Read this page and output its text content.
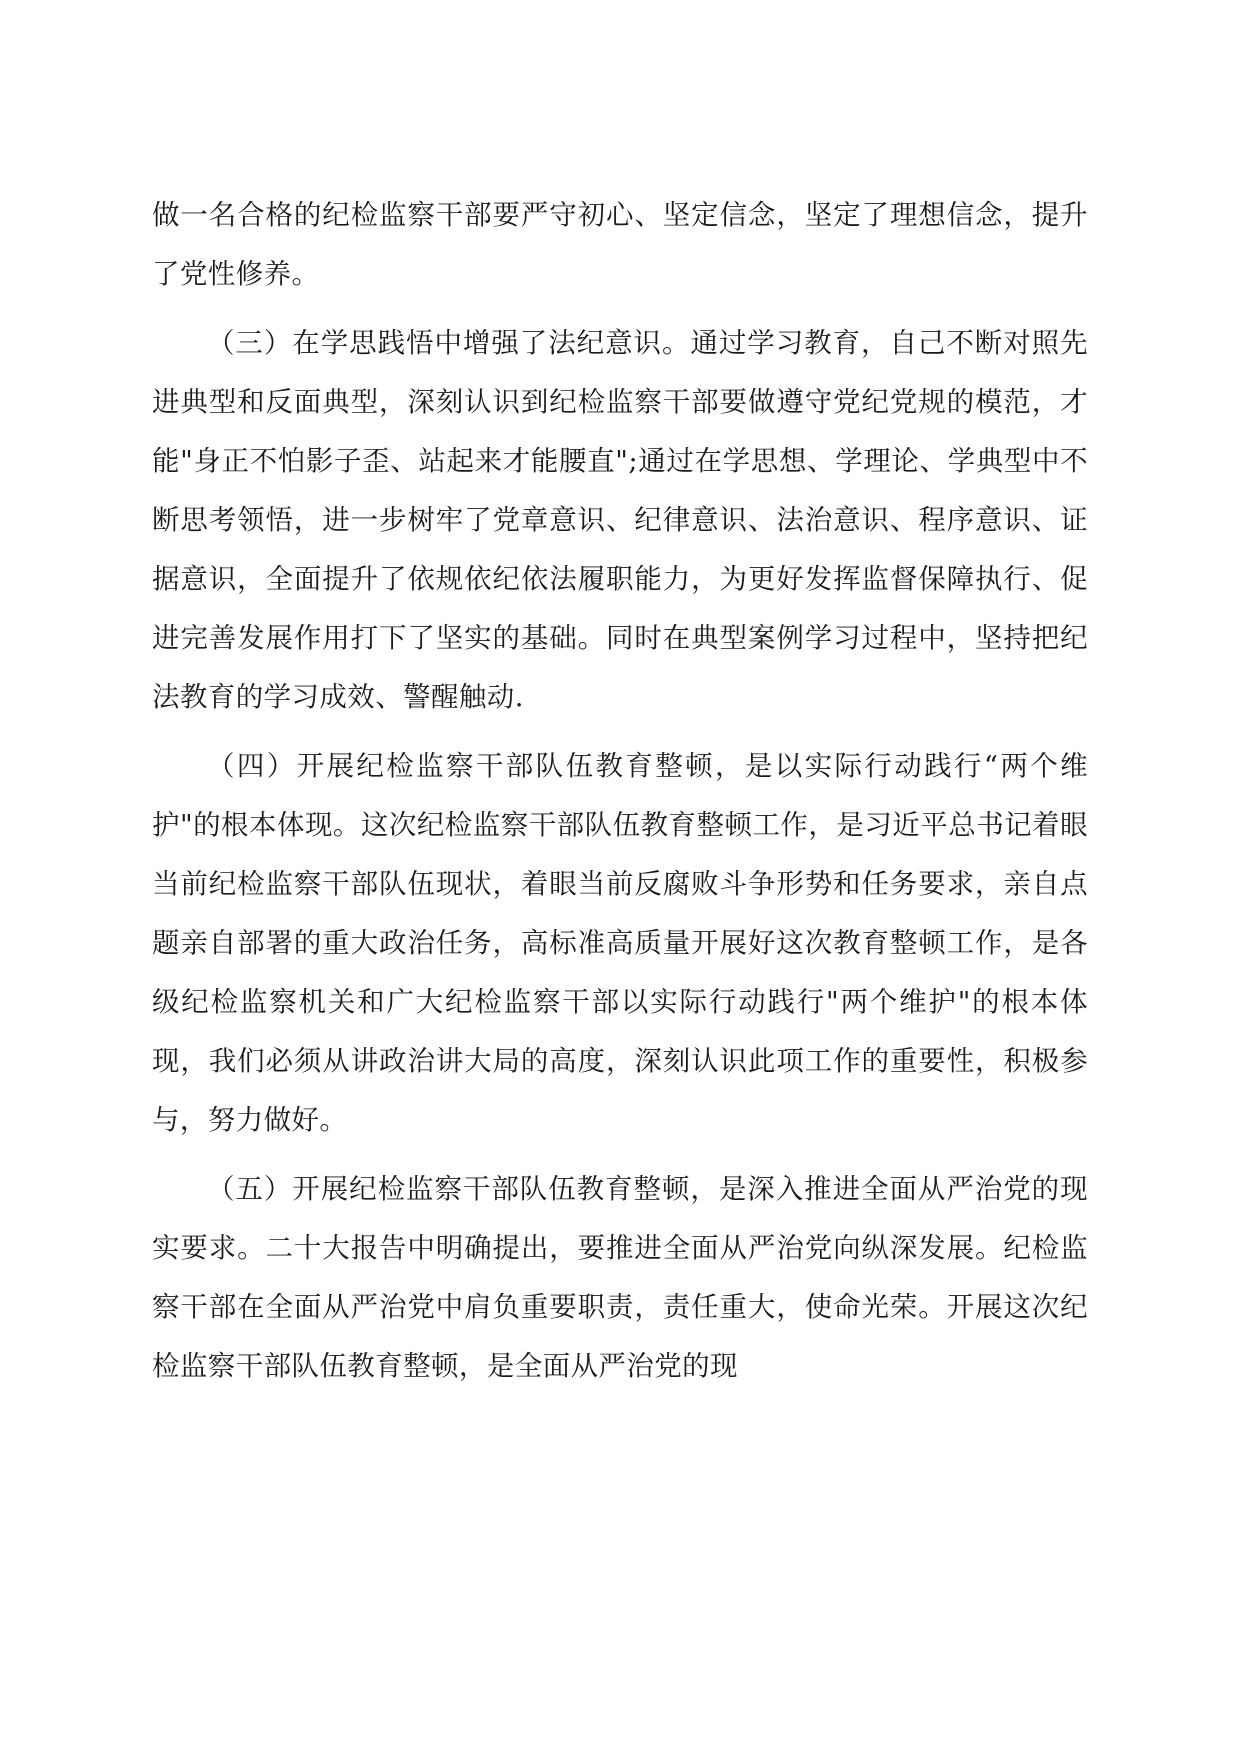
做一名合格的纪检监察干部要严守初心、坚定信念，坚定了理想信念，提升了党性修养。

（三）在学思践悟中增强了法纪意识。通过学习教育，自己不断对照先进典型和反面典型，深刻认识到纪检监察干部要做遵守党纪党规的模范，才能"身正不怕影子歪、站起来才能腰直";通过在学思想、学理论、学典型中不断思考领悟，进一步树牢了党章意识、纪律意识、法治意识、程序意识、证据意识，全面提升了依规依纪依法履职能力，为更好发挥监督保障执行、促进完善发展作用打下了坚实的基础。同时在典型案例学习过程中，坚持把纪法教育的学习成效、警醒触动.

（四）开展纪检监察干部队伍教育整顿，是以实际行动践行“两个维护"的根本体现。这次纪检监察干部队伍教育整顿工作，是习近平总书记着眼当前纪检监察干部队伍现状，着眼当前反腐败斗争形势和任务要求，亲自点题亲自部署的重大政治任务，高标准高质量开展好这次教育整顿工作，是各级纪检监察机关和广大纪检监察干部以实际行动践行"两个维护"的根本体现，我们必须从讲政治讲大局的高度，深刻认识此项工作的重要性，积极参与，努力做好。

（五）开展纪检监察干部队伍教育整顿，是深入推进全面从严治党的现实要求。二十大报告中明确提出，要推进全面从严治党向纵深发展。纪检监察干部在全面从严治党中肩负重要职责，责任重大，使命光荣。开展这次纪检监察干部队伍教育整顿，是全面从严治党的现
